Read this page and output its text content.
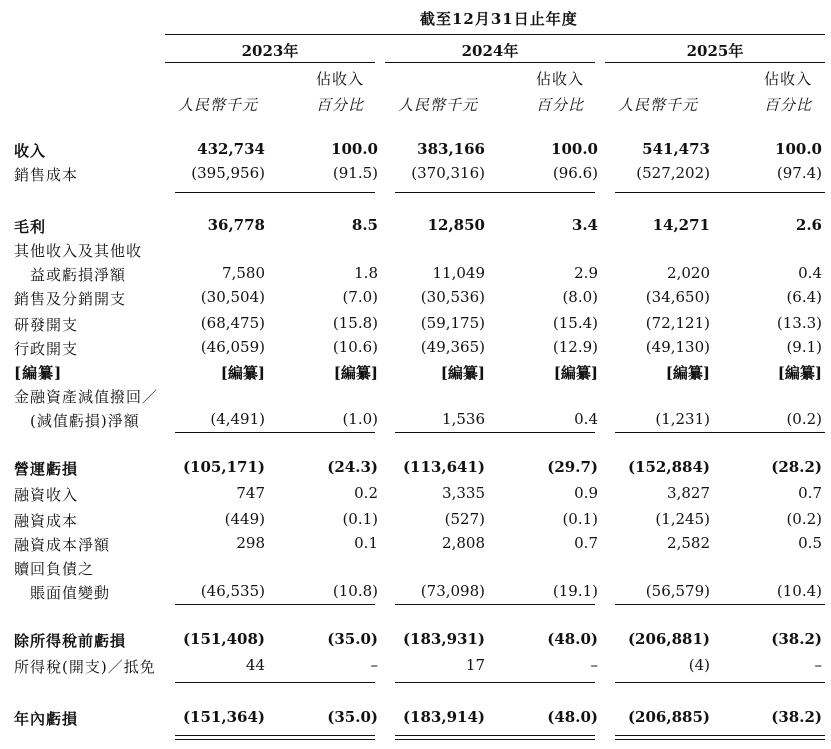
截至12月31日止年度
2023年	2024年	2025年
佔收入	佔收入	佔收入
人民幣千元	百分比 人民幣千元	百分比 人民幣千元	百分比
收入	432,734	100.0	383,166	100.0	541,473	100.0
銷售成本	(395,956)	(91.5)	(370,316)	(96.6)	(527,202)	(97.4)
毛利	36,778	8.5	12,850	3.4	14,271	2.6
其他收入及其他收
益或虧損淨額	7,580	1.8	11,049	2.9	2,020	0.4
銷售及分銷開支	(30,504)	(7.0)	(30,536)	(8.0)	(34,650)	(6.4)
研發開支	(68,475)	(15.8)	(59,175)	(15.4)	(72,121)	(13.3)
行政開支	(46,059)	(10.6)	(49,365)	(12.9)	(49,130)	(9.1)
[編纂]	[編纂]	[編纂]	[編纂]	[編纂]	[編纂]	[編纂]
金融資產減值撥回／
(減值虧損)淨額	(4,491)	(1.0)	1,536	0.4	(1,231)	(0.2)
營運虧損	(105,171)	(24.3)	(113,641)	(29.7)	(152,884)	(28.2)
融資收入	747	0.2	3,335	0.9	3,827	0.7
融資成本	(449)	(0.1)	(527)	(0.1)	(1,245)	(0.2)
融資成本淨額	298	0.1	2,808	0.7	2,582	0.5
贖回負債之
賬面值變動	(46,535)	(10.8)	(73,098)	(19.1)	(56,579)	(10.4)
除所得稅前虧損	(151,408)	(35.0)	(183,931)	(48.0)	(206,881)	(38.2)
所得稅(開支)／抵免	44	–	17	–	(4)	–
年內虧損	(151,364)	(35.0)	(183,914)	(48.0)	(206,885)	(38.2)
